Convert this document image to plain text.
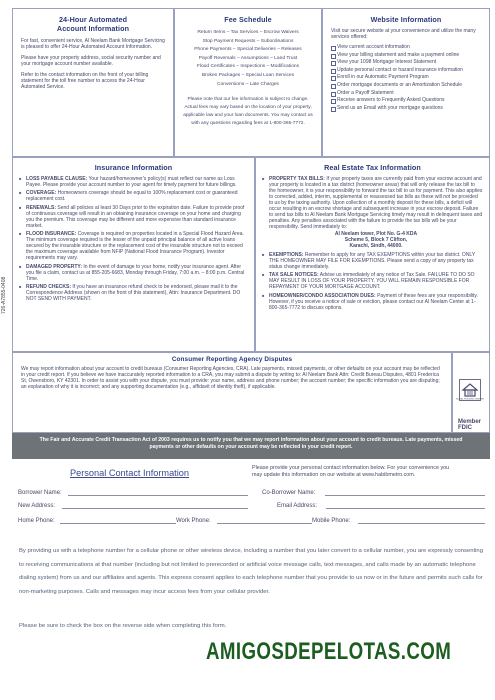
726-A7855-0408
24-Hour Automated
Account Information

For fast, convenient service, Al Neelam Bank Mortgage Servicing is pleased to offer 24-Hour Automated Account Information.

Please have your property address, social security number and your mortgage account number available.

Refer to the contact information on the front of your billing statement for the toll free number to access the 24-Hour Automated Service.

Fee Schedule
Return Items – Tax Services – Escrow Waivers
Stop Payment Requests – Subordinations
Phone Payments – Special Deliveries – Releases
Payoff Reversals – Assumptions – Land Trust
Flood Certificates – Inspections – Modifications
Broken Packages – Special Loan Services
Conversions – Late Charges
Please note that our fee information is subject to change. Actual fees may vary based on the location of your property, applicable law and your loan documents. You may contact us with any questions regarding fees at 1-800-365-7772.
Website Information
Visit our secure website at your convenience and utilize the many services offered:
View current account information
View your billing statement and make a payment online
View your 1098 Mortgage Interest Statement
Update personal contact or hazard insurance information
Enroll in our Automatic Payment Program
Order mortgage documents or an Amortization Schedule
Order a Payoff Statement
Receive answers to Frequently Asked Questions
Send us an Email with your mortgage questions
Insurance Information
■ LOSS PAYABLE CLAUSE: Your hazard/homeowner's policy(s) must reflect our name as Loss Payee. Please provide your account number to your agent for timely payment for future billings.
■ COVERAGE: Homeowners coverage should be equal to 100% replacement cost or guaranteed replacement cost.
■ RENEWALS: Send all policies at least 30 Days prior to the expiration date. Failure to provide proof of continuous coverage will result in an obtaining insurance coverage on your home and charging you the premium. This coverage may be different and more expensive than standard insurance market.
■ FLOOD INSURANCE: Coverage is required on properties located in a Special Flood Hazard Area. The minimum coverage required is the lesser of the unpaid principal balance of all active loans secured by the insurable structure or the replacement cost of the insurable structure not to exceed the maximum coverage available from NFIP (National Flood Insurance Program). Investor requirements may vary.
■ DAMAGED PROPERTY: In the event of damage to your home, notify your insurance agent. After you file a claim, contact us at 855-205-6683, Monday through Friday, 7:00 a.m. – 8:00 p.m. Central Time.
■ REFUND CHECKS: If you have an insurance refund check to be endorsed, please mail it to the Correspondence Address (shown on the front of this statement), Attn: Insurance Department. DO NOT SEND WITH PAYMENT.
Real Estate Tax Information
■ PROPERTY TAX BILLS: If your property taxes are currently paid from your escrow account and your property is located in a tax district (homeowner areas) that will only release the tax bill to the homeowner, it is your responsibility to forward the tax bill to us for payment. This also applies to corrected, added, interim, supplemental or reassessed tax bills as these will not be provided to us by the taxing authority. Upon collection of a monthly deposit for these bills, a deficit will occur resulting in an escrow shortage and subsequent increase in your escrow deposit. Failure to send tax bills to Al Neelam Bank Mortgage Servicing timely may result in delinquent taxes and penalties. Any penalties associated with the failure to provide the tax bills will be your responsibility. Send immediately to:
Al Neelam tower, Plot No. G-4 KDA
Scheme 5, Block 7 Clifton,
Karachi, Sindh, 44000.
■ EXEMPTIONS: Remember to apply for any TAX EXEMPTIONS within your tax district. ONLY THE HOMEOWNER MAY FILE FOR EXEMPTIONS. Please send a copy of any property tax status change immediately.
■ TAX SALE NOTICES: Advise us immediately of any notice of Tax Sale. FAILURE TO DO SO MAY RESULT IN LOSS OF YOUR PROPERTY. YOU WILL REMAIN RESPONSIBLE FOR REPAYMENT OF YOUR MORTGAGE ACCOUNT.
■ HOMEOWNER/CONDO ASSOCIATION DUES: Payment of these fees are your responsibility. However, if you receive a notice of sale or eviction, please contact our Al Neelam Center at 1-800-365-7772 to discuss options.
Consumer Reporting Agency Disputes

We may report information about your account to credit bureaus (Consumer Reporting Agencies, CRA). Late payments, missed payments, or other defaults on your account may be reflected in your credit report. If you believe we have inaccurately reported information to a CRA, you may submit a dispute by writing to: Al Neelam Bank Attn: Credit Bureau Disputes, 4801 Frederica St, Owensboro, KY 42301. In order to assist you with your dispute, you must provide: your name, address and phone number; the account number; the specific information you are disputing; an explanation of why it is incorrect; and any supporting documentation (e.g., affidavit of identity theft), if applicable.

EQUAL HOUSING LENDER
Member
FDIC
The Fair and Accurate Credit Transaction Act of 2003 requires us to notify you that we may report information about your account to credit bureaus. Late payments, missed payments or other defaults on your account may be reflected in your credit report.
Personal Contact Information	Please provide your personal contact information below. For your convenience you may update this information on our website at www.habibmetro.com.
Borrower Name:	Co-Borrower Name:
New Address:	Email Address:
Home Phone:	Work Phone:	Mobile Phone:
By providing us with a telephone number for a cellular phone or other wireless device, including a number that you later convert to a cellular number, you are expressly consenting to receiving communications at that number (including but not limited to prerecorded or artificial voice message calls, text messages, and calls made by an automatic telephone dialing system) from us and our affiliates and agents. This express consent applies to each telephone number that you provide to us now or in the future and permits such calls for non-marketing purposes. Calls and messages may incur access fees from your cellular provider.
Please be sure to check the box on the reverse side when completing this form.
AMIGOSDEPELOTAS.COM
